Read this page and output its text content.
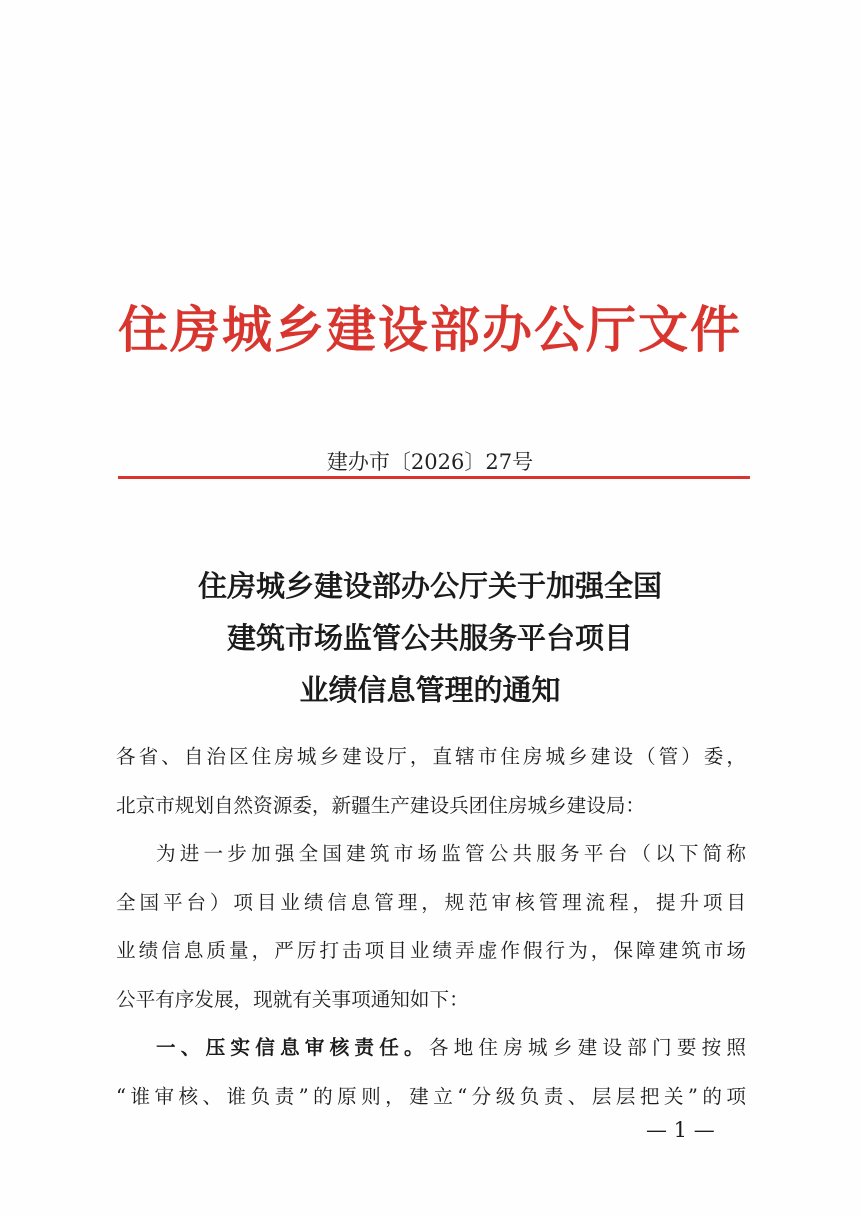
住房城乡建设部办公厅文件
建办市〔2026〕27号
住房城乡建设部办公厅关于加强全国
建筑市场监管公共服务平台项目
业绩信息管理的通知
各省、自治区住房城乡建设厅，直辖市住房城乡建设（管）委，
北京市规划自然资源委，新疆生产建设兵团住房城乡建设局：
为进一步加强全国建筑市场监管公共服务平台（以下简称
全国平台）项目业绩信息管理，规范审核管理流程，提升项目
业绩信息质量，严厉打击项目业绩弄虚作假行为，保障建筑市场
公平有序发展，现就有关事项通知如下：
一、压实信息审核责任。各地住房城乡建设部门要按照
“谁审核、谁负责”的原则，建立“分级负责、层层把关”的项
— 1 —
